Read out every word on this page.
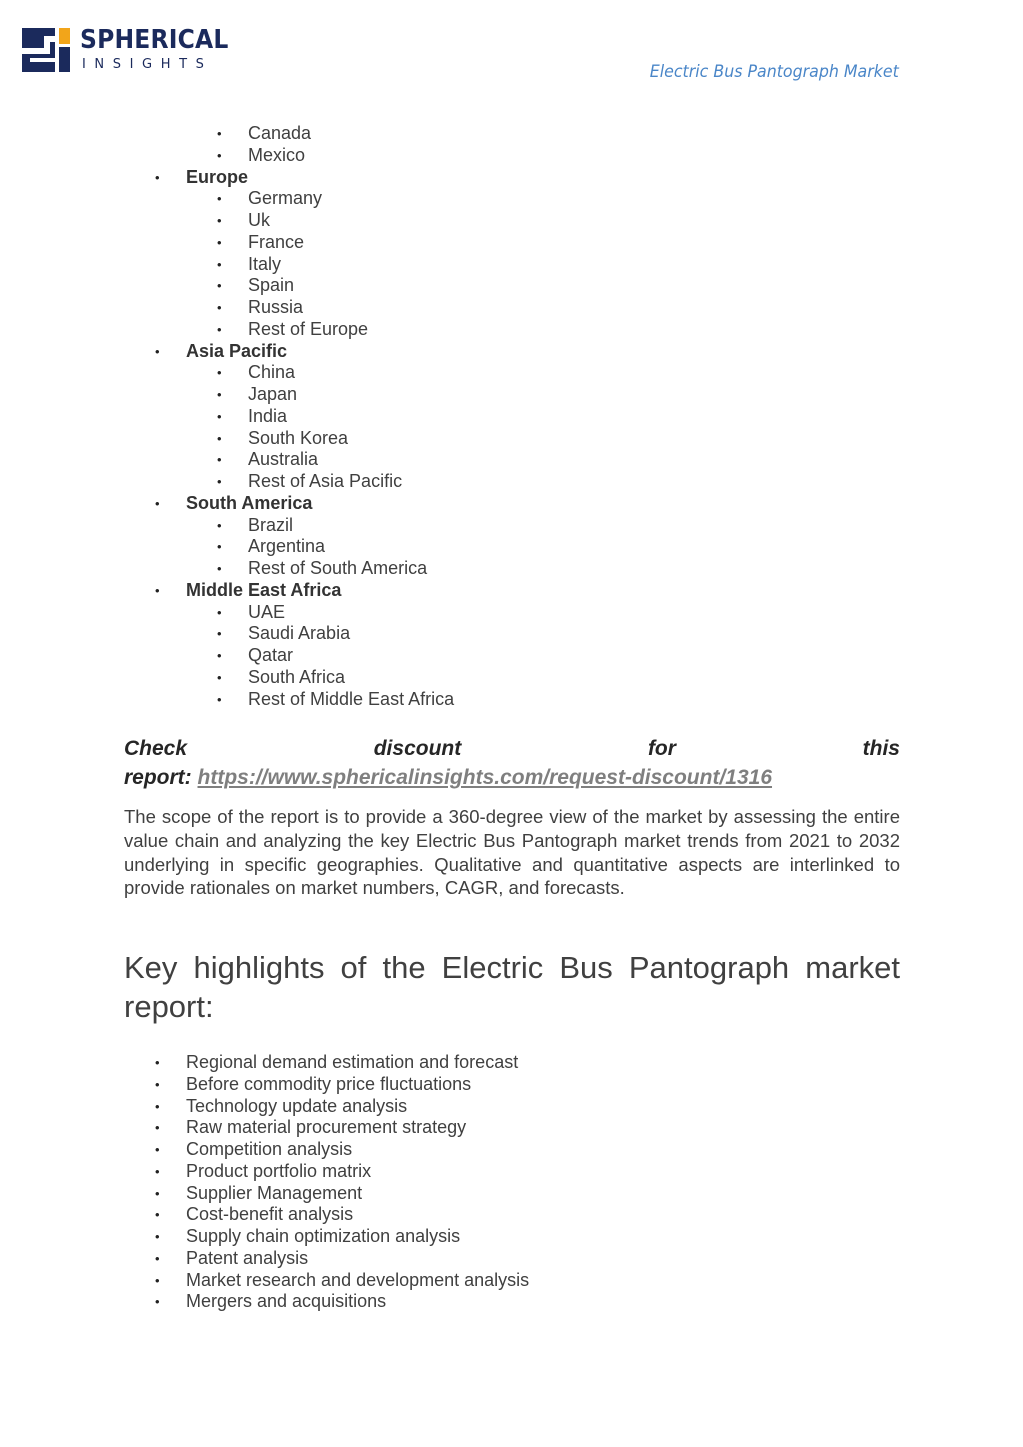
SPHERICAL
INSIGHTS	Electric Bus Pantograph Market
• Canada
• Mexico
• Europe
• Germany
• Uk
• France
• Italy
• Spain
• Russia
• Rest of Europe
• Asia Pacific
• China
• Japan
• India
• South Korea
• Australia
• Rest of Asia Pacific
• South America
• Brazil
• Argentina
• Rest of South America
• Middle East Africa
• UAE
• Saudi Arabia
• Qatar
• South Africa
• Rest of Middle East Africa
Check	discount	for	this
report: https://www.sphericalinsights.com/request-discount/1316

The scope of the report is to provide a 360-degree view of the market by assessing the entire value chain and analyzing the key Electric Bus Pantograph market trends from 2021 to 2032 underlying in specific geographies. Qualitative and quantitative aspects are interlinked to provide rationales on market numbers, CAGR, and forecasts.

Key highlights of the Electric Bus Pantograph market report:
• Regional demand estimation and forecast
• Before commodity price fluctuations
• Technology update analysis
• Raw material procurement strategy
• Competition analysis
• Product portfolio matrix
• Supplier Management
• Cost-benefit analysis
• Supply chain optimization analysis
• Patent analysis
• Market research and development analysis
• Mergers and acquisitions
